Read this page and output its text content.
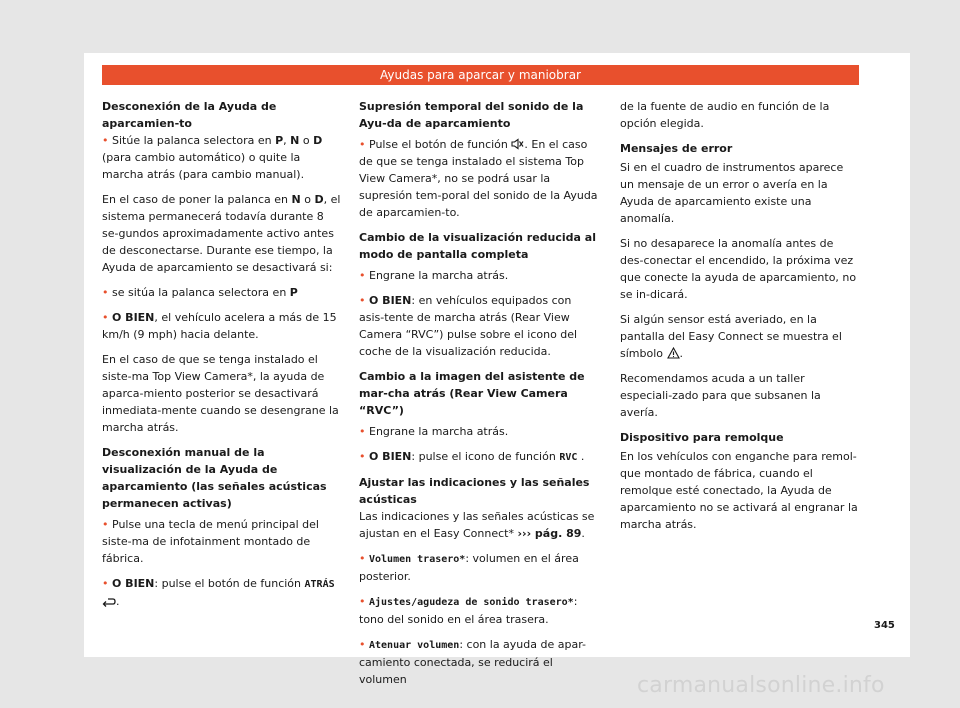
Ayudas para aparcar y maniobrar

Desconexión de la Ayuda de aparcamien-to

• Sitúe la palanca selectora en P, N o D (para cambio automático) o quite la marcha atrás (para cambio manual).

En el caso de poner la palanca en N o D, el sistema permanecerá todavía durante 8 se-gundos aproximadamente activo antes de desconectarse. Durante ese tiempo, la Ayuda de aparcamiento se desactivará si:

• se sitúa la palanca selectora en P

• O BIEN, el vehículo acelera a más de 15 km/h (9 mph) hacia delante.

En el caso de que se tenga instalado el siste-ma Top View Camera*, la ayuda de aparca-miento posterior se desactivará inmediata-mente cuando se desengrane la marcha atrás.

Desconexión manual de la visualización de la Ayuda de aparcamiento (las señales acústicas permanecen activas)

• Pulse una tecla de menú principal del siste-ma de infotainment montado de fábrica.

• O BIEN: pulse el botón de función ATRÁS
.

Supresión temporal del sonido de la Ayu-da de aparcamiento

• Pulse el botón de función . En el caso de que se tenga instalado el sistema Top View Camera*, no se podrá usar la supresión tem-poral del sonido de la Ayuda de aparcamien-to.

Cambio de la visualización reducida al modo de pantalla completa

• Engrane la marcha atrás.

• O BIEN: en vehículos equipados con asis-tente de marcha atrás (Rear View Camera “RVC”) pulse sobre el icono del coche de la visualización reducida.

Cambio a la imagen del asistente de mar-cha atrás (Rear View Camera “RVC”)

• Engrane la marcha atrás.

• O BIEN: pulse el icono de función RVC .

Ajustar las indicaciones y las señales acústicas

Las indicaciones y las señales acústicas se ajustan en el Easy Connect* ››› pág. 89.

• Volumen trasero*: volumen en el área posterior.

• Ajustes/agudeza de sonido trasero*: tono del sonido en el área trasera.

• Atenuar volumen: con la ayuda de apar-camiento conectada, se reducirá el volumen

de la fuente de audio en función de la opción elegida.

Mensajes de error

Si en el cuadro de instrumentos aparece un mensaje de un error o avería en la Ayuda de aparcamiento existe una anomalía.

Si no desaparece la anomalía antes de des-conectar el encendido, la próxima vez que conecte la ayuda de aparcamiento, no se in-dicará.

Si algún sensor está averiado, en la pantalla del Easy Connect se muestra el símbolo .

Recomendamos acuda a un taller especiali-zado para que subsanen la avería.

Dispositivo para remolque

En los vehículos con enganche para remol-que montado de fábrica, cuando el remolque esté conectado, la Ayuda de aparcamiento no se activará al engranar la marcha atrás.

345
carmanualsonline.info
